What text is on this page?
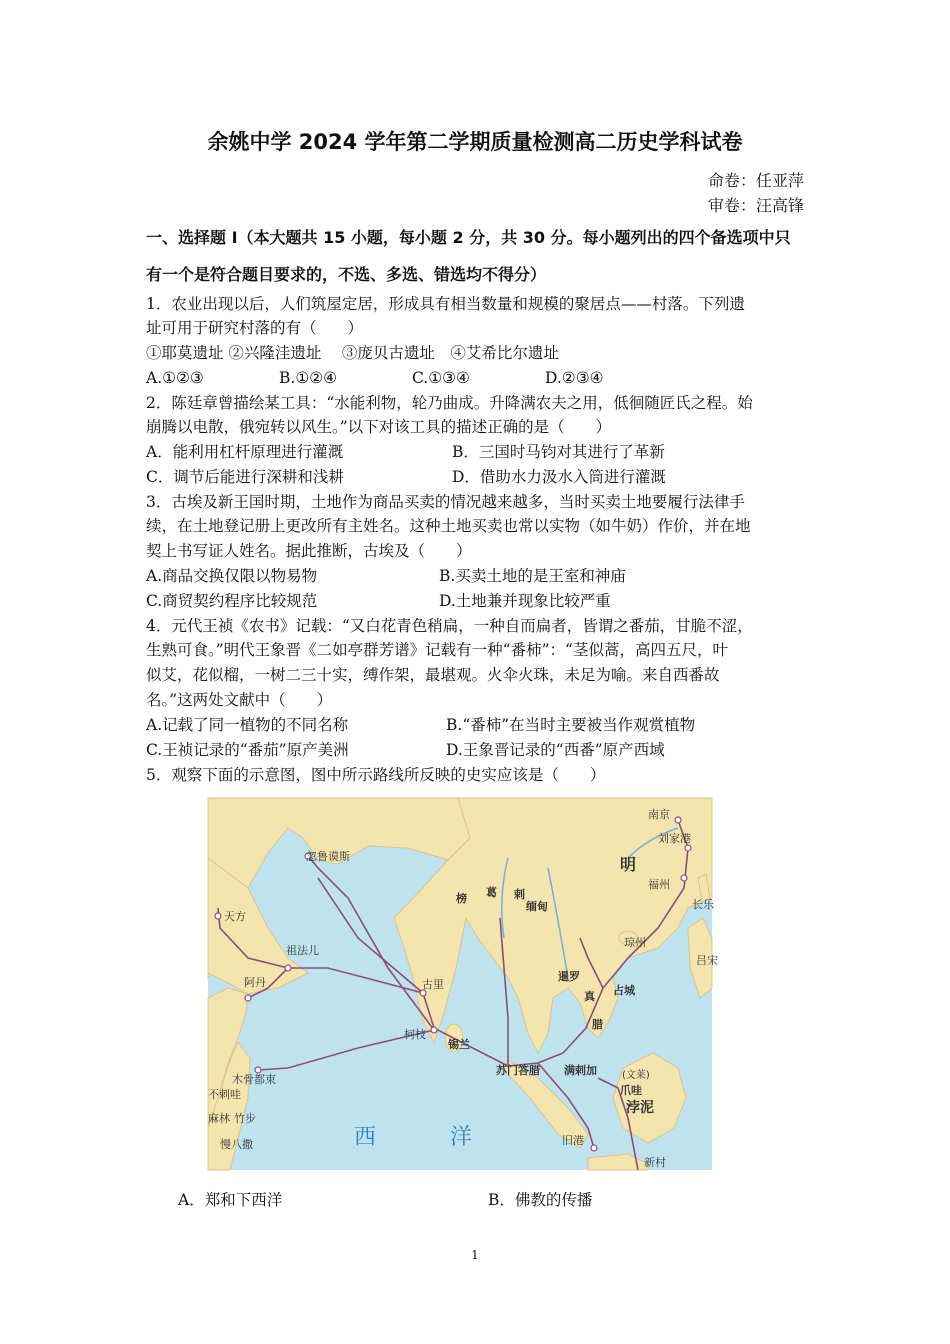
余姚中学 2024 学年第二学期质量检测高二历史学科试卷
命卷：任亚萍
审卷：汪高锋
一、选择题 I（本大题共 15 小题，每小题 2 分，共 30 分。每小题列出的四个备选项中只
有一个是符合题目要求的，不选、多选、错选均不得分）
1．农业出现以后，人们筑屋定居，形成具有相当数量和规模的聚居点——村落。下列遗
址可用于研究村落的有（　　）
①耶莫遗址 ②兴隆洼遗址　 ③庞贝古遗址　④艾希比尔遗址
A.①②③	B.①②④	C.①③④	D.②③④
2．陈廷章曾描绘某工具：“水能利物，轮乃曲成。升降满农夫之用，低徊随匠氏之程。始
崩腾以电散，俄宛转以风生。”以下对该工具的描述正确的是（　　）
A．能利用杠杆原理进行灌溉	B．三国时马钧对其进行了革新
C．调节后能进行深耕和浅耕	D．借助水力汲水入筒进行灌溉
3．古埃及新王国时期，土地作为商品买卖的情况越来越多，当时买卖土地要履行法律手
续，在土地登记册上更改所有主姓名。这种土地买卖也常以实物（如牛奶）作价，并在地
契上书写证人姓名。据此推断，古埃及（　　）
A.商品交换仅限以物易物	B.买卖土地的是王室和神庙
C.商贸契约程序比较规范	D.土地兼并现象比较严重
4．元代王祯《农书》记载：“又白花青色稍扁，一种自而扁者，皆谓之番茄，甘脆不涩，
生熟可食。”明代王象晋《二如亭群芳谱》记载有一种“番柿”：“茎似蒿，高四五尺，叶
似艾，花似榴，一树二三十实，缚作架，最堪观。火伞火珠，未足为喻。来自西番故
名。”这两处文献中（　　）
A.记载了同一植物的不同名称	B.“番柿”在当时主要被当作观赏植物
C.王祯记录的“番茄”原产美洲	D.王象晋记录的“西番”原产西域
5．观察下面的示意图，图中所示路线所反映的史实应该是（　　）
南京
刘家港
明
福州
长乐
忽鲁谟斯
天方
榜 葛 剌
缅甸
祖法儿
阿丹
琼州
暹罗
占城
真
腊
古里
柯枝
锡兰
木骨都束
不剌哇
麻林 竹步
慢八撒
苏门答腊 满剌加
爪哇
浡泥
旧港
新村
吕宋
西	洋
(文莱)
A．郑和下西洋	B．佛教的传播
1
